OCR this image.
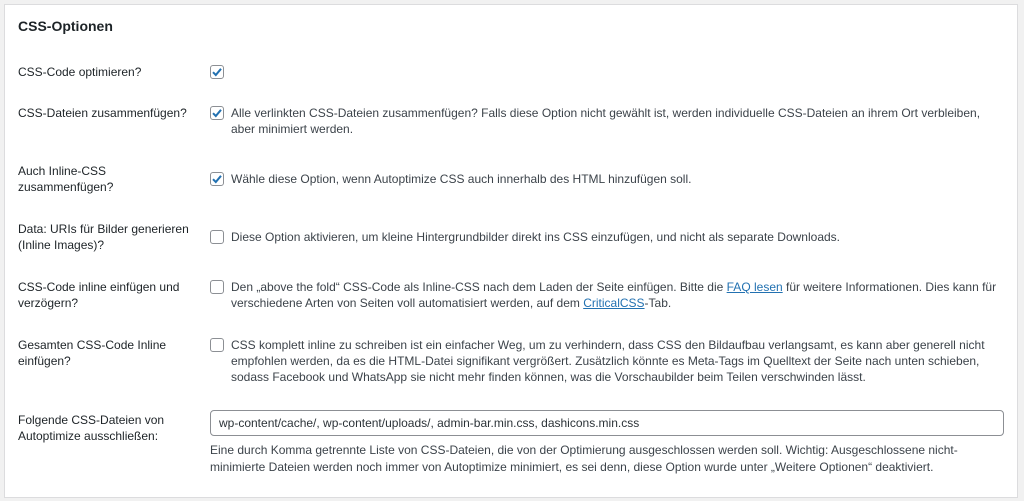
CSS-Optionen
CSS-Code optimieren?
CSS-Dateien zusammenfügen?	Alle verlinkten CSS-Dateien zusammenfügen? Falls diese Option nicht gewählt ist, werden individuelle CSS-Dateien an ihrem Ort verbleiben, aber minimiert werden.
Auch Inline-CSS zusammenfügen?
Wähle diese Option, wenn Autoptimize CSS auch innerhalb des HTML hinzufügen soll.
Data: URIs für Bilder generieren (Inline Images)?
Diese Option aktivieren, um kleine Hintergrundbilder direkt ins CSS einzufügen, und nicht als separate Downloads.
CSS-Code inline einfügen und verzögern?
Den „above the fold“ CSS-Code als Inline-CSS nach dem Laden der Seite einfügen. Bitte die FAQ lesen für weitere Informationen. Dies kann für verschiedene Arten von Seiten voll automatisiert werden, auf dem CriticalCSS-Tab.
Gesamten CSS-Code Inline einfügen?
CSS komplett inline zu schreiben ist ein einfacher Weg, um zu verhindern, dass CSS den Bildaufbau verlangsamt, es kann aber generell nicht empfohlen werden, da es die HTML-Datei signifikant vergrößert. Zusätzlich könnte es Meta-Tags im Quelltext der Seite nach unten schieben, sodass Facebook und WhatsApp sie nicht mehr finden können, was die Vorschaubilder beim Teilen verschwinden lässt.
Folgende CSS-Dateien von Autoptimize ausschließen:
wp-content/cache/, wp-content/uploads/, admin-bar.min.css, dashicons.min.css
Eine durch Komma getrennte Liste von CSS-Dateien, die von der Optimierung ausgeschlossen werden soll. Wichtig: Ausgeschlossene nicht-minimierte Dateien werden noch immer von Autoptimize minimiert, es sei denn, diese Option wurde unter „Weitere Optionen“ deaktiviert.
